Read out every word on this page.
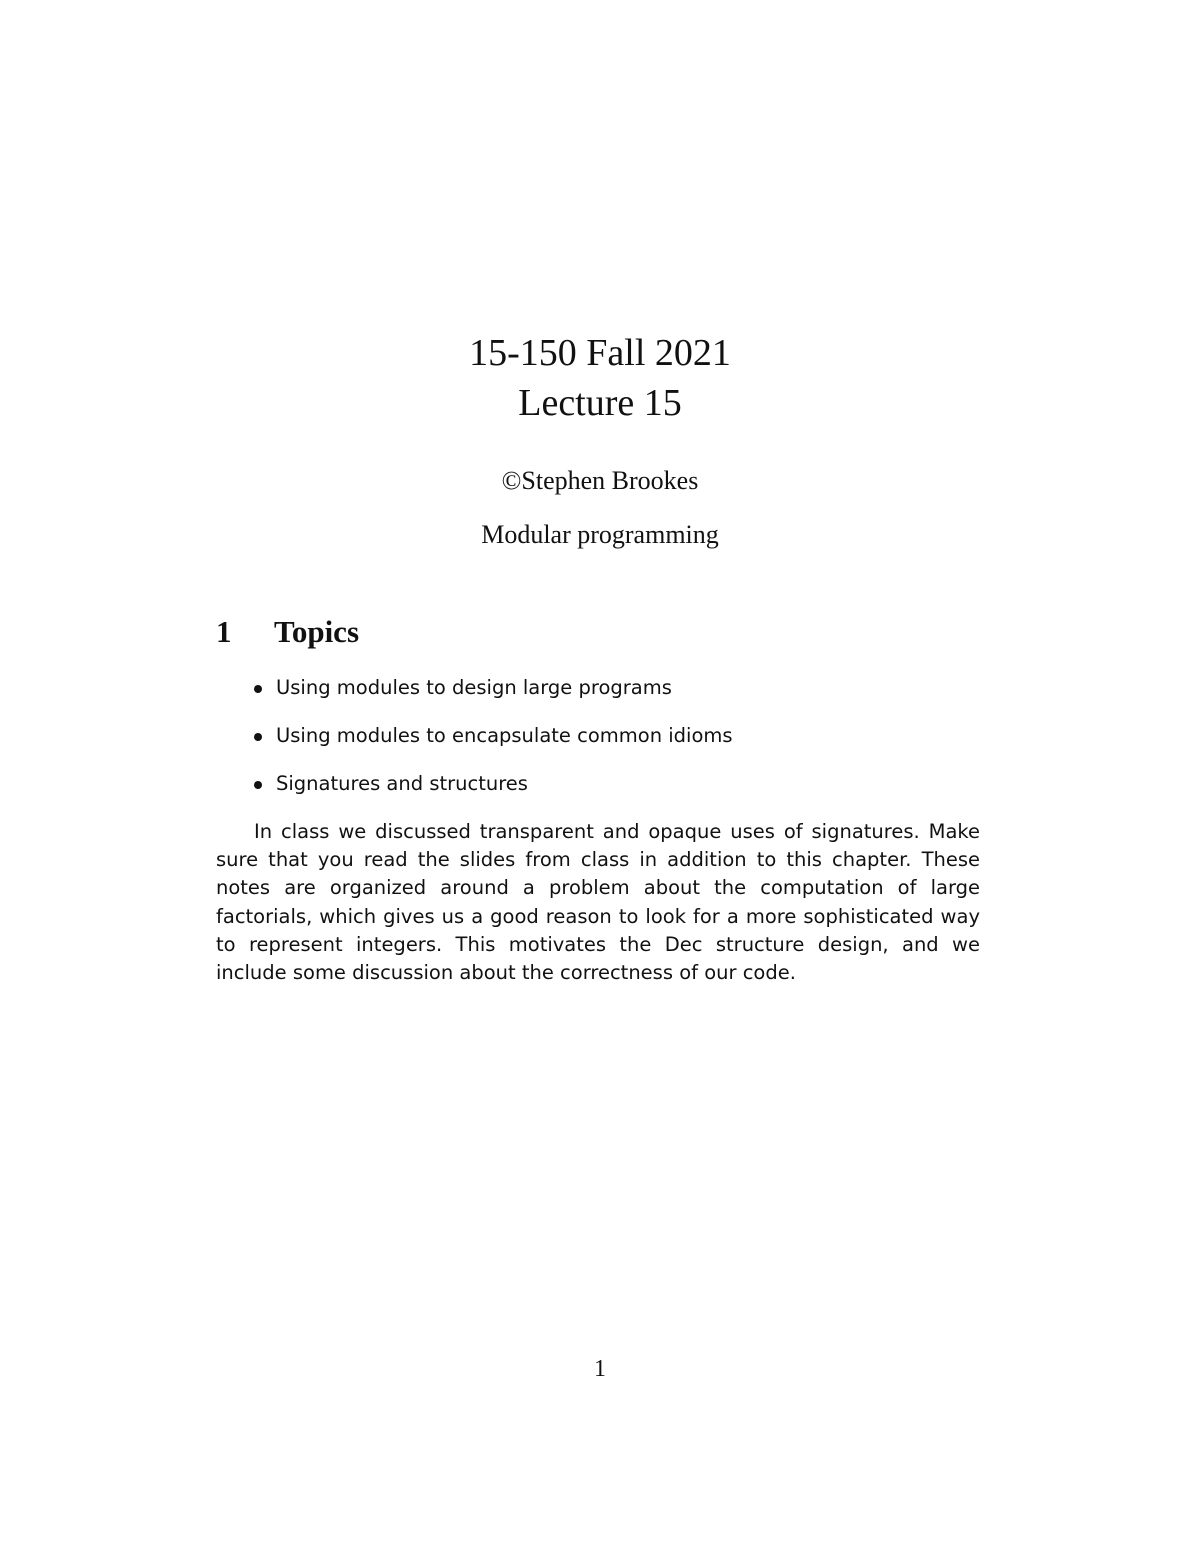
15-150 Fall 2021
Lecture 15
©Stephen Brookes
Modular programming
1 Topics
Using modules to design large programs
Using modules to encapsulate common idioms
Signatures and structures

In class we discussed transparent and opaque uses of signatures. Make sure that you read the slides from class in addition to this chapter. These notes are organized around a problem about the computation of large factorials, which gives us a good reason to look for a more sophisticated way to represent integers. This motivates the Dec structure design, and we include some discussion about the correctness of our code.

1
